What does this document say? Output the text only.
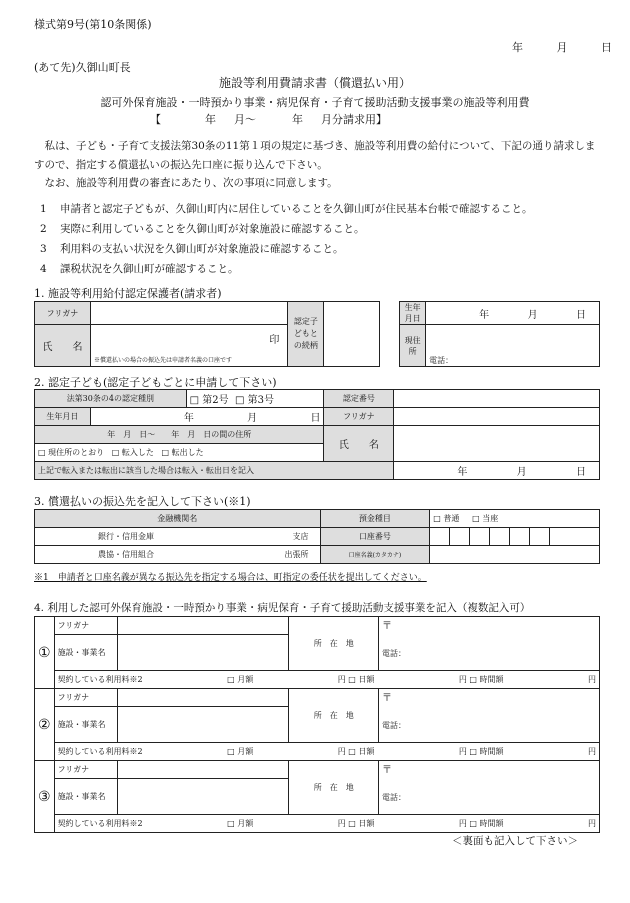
様式第9号(第10条関係)
年	月	日
(あて先)久御山町長
施設等利用費請求書（償還払い用）
認可外保育施設・一時預かり事業・病児保育・子育て援助活動支援事業の施設等利用費
【	年 月～	年 月分請求用】

私は、子ども・子育て支援法第30条の11第１項の規定に基づき、施設等利用費の給付について、下記の通り請求しますので、指定する償還払いの振込先口座に振り込んで下さい。

なお、施設等利用費の審査にあたり、次の事項に同意します。

1	申請者と認定子どもが、久御山町内に居住していることを久御山町が住民基本台帳で確認すること。
2	実際に利用していることを久御山町が対象施設に確認すること。
3	利用料の支払い状況を久御山町が対象施設に確認すること。
4	課税状況を久御山町が確認すること。
1. 施設等利用給付認定保護者(請求者)
フリガナ		認定子どもとの続柄			生年月日	年 月 日

氏　　名	印
※償還払いの場合の振込先は申請者名義の口座です				現住所	電話：
2. 認定子ども(認定子どもごとに申請して下さい)
法第30条の4の認定種別		□ 第2号 □ 第3号	認定番号	
生年月日	年 月 日		フリガナ	
年　月　日～　　年　月　日の間の住所			氏　　名	
□ 現住所のとおり □ 転入した □ 転出した				
上記で転入または転出に該当した場合は転入・転出日を記入				年 月 日
3. 償還払いの振込先を記入して下さい(※1)
金融機関名	預金種目	□ 普通 □ 当座						

銀行・信用金庫 支店	口座番号							

農協・信用組合 出張所	口座名義(カタカナ)							
※1　申請者と口座名義が異なる振込先を指定する場合は、町指定の委任状を提出してください。
4. 利用した認可外保育施設・一時預かり事業・病児保育・子育て援助活動支援事業を記入（複数記入可）
①	フリガナ		所　在　地	〒
電話：

	施設・事業名			

	契約している利用料※2 □ 月額 円 □ 日額 円 □ 時間額 円			

②	フリガナ		所　在　地	〒
電話：

	施設・事業名			

	契約している利用料※2 □ 月額 円 □ 日額 円 □ 時間額 円			

③	フリガナ		所　在　地	〒
電話：

	施設・事業名			

	契約している利用料※2 □ 月額 円 □ 日額 円 □ 時間額 円			
＜裏面も記入して下さい＞
